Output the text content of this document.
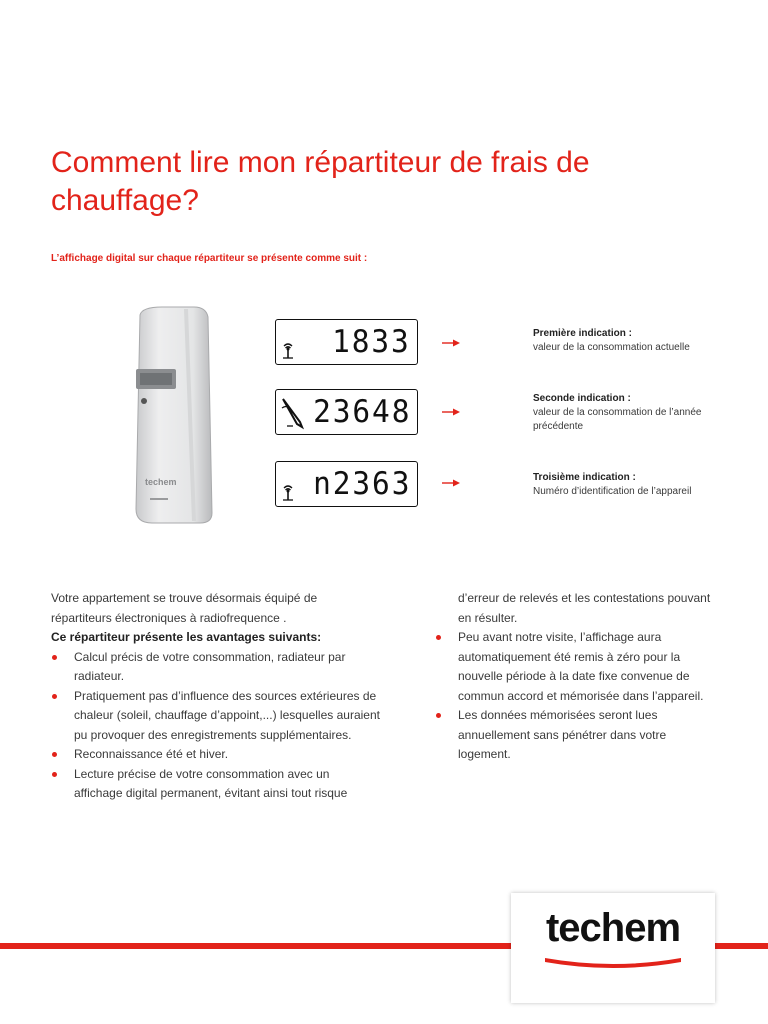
Comment lire mon répartiteur de frais de chauffage?
L’affichage digital sur chaque répartiteur se présente comme suit :
techem
1833
23648
n2363
Première indication :
valeur de la consommation actuelle
Seconde indication :
valeur de la consommation de l’année précédente
Troisième indication :
Numéro d’identification de l’appareil

Votre appartement se trouve désormais équipé de répartiteurs électroniques à radiofrequence .

Ce répartiteur présente les avantages suivants:

Calcul précis de votre consommation, radiateur par radiateur.
Pratiquement pas d’influence des sources extérieures de chaleur (soleil, chauffage d’appoint,...) lesquelles auraient pu provoquer des enregistrements supplémentaires.
Reconnaissance été et hiver.
Lecture précise de votre consommation avec un affichage digital permanent, évitant ainsi tout risque

d’erreur de relevés et les contestations pouvant en résulter.

Peu avant notre visite, l’affichage aura automatiquement été remis à zéro pour la nouvelle période à la date fixe convenue de commun accord et mémorisée dans l’appareil.
Les données mémorisées seront lues annuellement sans pénétrer dans votre logement.
techem
